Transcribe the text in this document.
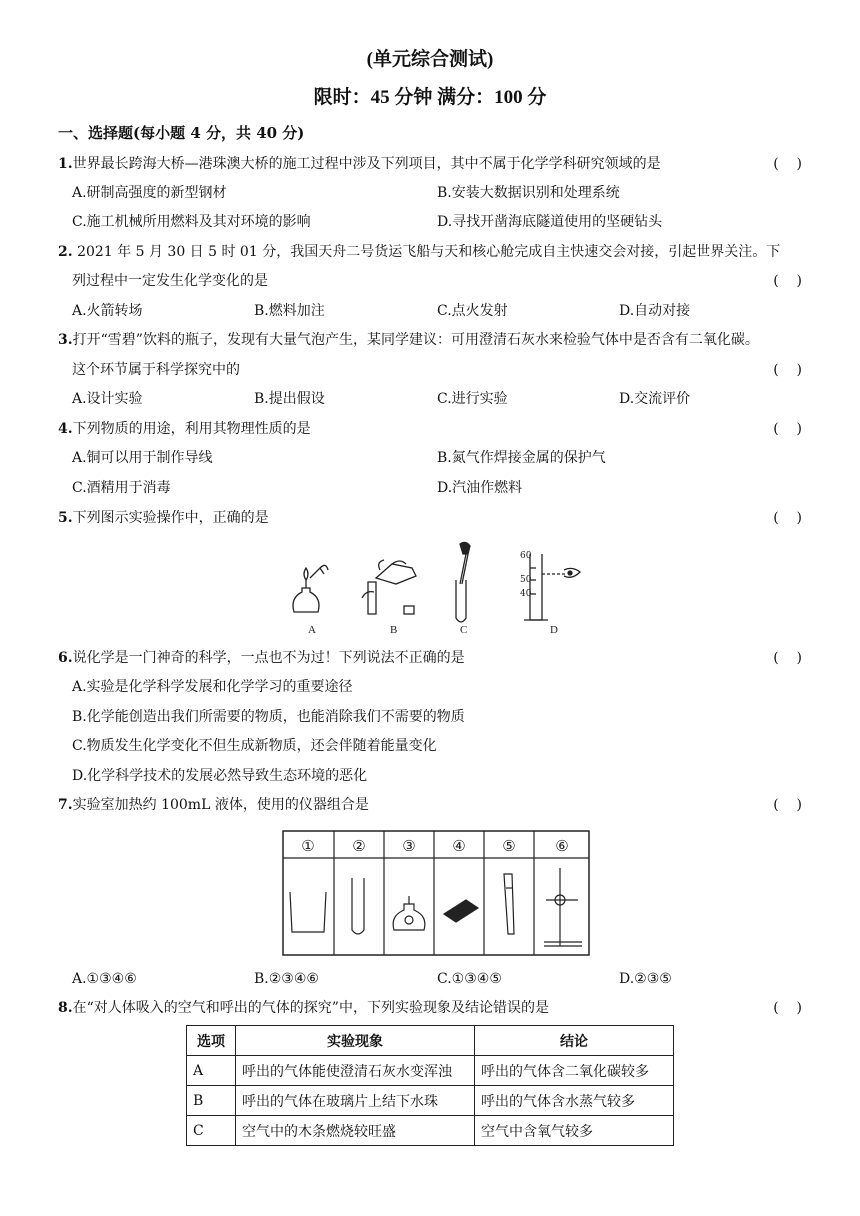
(单元综合测试)
限时：45 分钟 满分：100 分
一、选择题(每小题 4 分，共 40 分)
1.世界最长跨海大桥—港珠澳大桥的施工过程中涉及下列项目，其中不属于化学学科研究领域的是	(    )
A.研制高强度的新型钢材	B.安装大数据识别和处理系统
C.施工机械所用燃料及其对环境的影响	D.寻找开凿海底隧道使用的坚硬钻头
2. 2021 年 5 月 30 日 5 时 01 分，我国天舟二号货运飞船与天和核心舱完成自主快速交会对接，引起世界关注。下
列过程中一定发生化学变化的是	(    )
A.火箭转场	B.燃料加注	C.点火发射	D.自动对接
3.打开“雪碧”饮料的瓶子，发现有大量气泡产生，某同学建议：可用澄清石灰水来检验气体中是否含有二氧化碳。
这个环节属于科学探究中的	(    )
A.设计实验	B.提出假设	C.进行实验	D.交流评价
4.下列物质的用途，利用其物理性质的是	(    )
A.铜可以用于制作导线	B.氮气作焊接金属的保护气
C.酒精用于消毒	D.汽油作燃料
5.下列图示实验操作中，正确的是	(    )
60
50
40
A	B	C	D
6.说化学是一门神奇的科学，一点也不为过！下列说法不正确的是	(    )
A.实验是化学科学发展和化学学习的重要途径
B.化学能创造出我们所需要的物质，也能消除我们不需要的物质
C.物质发生化学变化不但生成新物质，还会伴随着能量变化
D.化学科学技术的发展必然导致生态环境的恶化
7.实验室加热约 100mL 液体，使用的仪器组合是	(    )
①	② ③ ④ ⑤	⑥
A.①③④⑥	B.②③④⑥	C.①③④⑤	D.②③⑤
8.在“对人体吸入的空气和呼出的气体的探究”中，下列实验现象及结论错误的是	(    )
选项	实验现象	结论
A	呼出的气体能使澄清石灰水变浑浊	呼出的气体含二氧化碳较多
B	呼出的气体在玻璃片上结下水珠	呼出的气体含水蒸气较多
C	空气中的木条燃烧较旺盛	空气中含氧气较多
